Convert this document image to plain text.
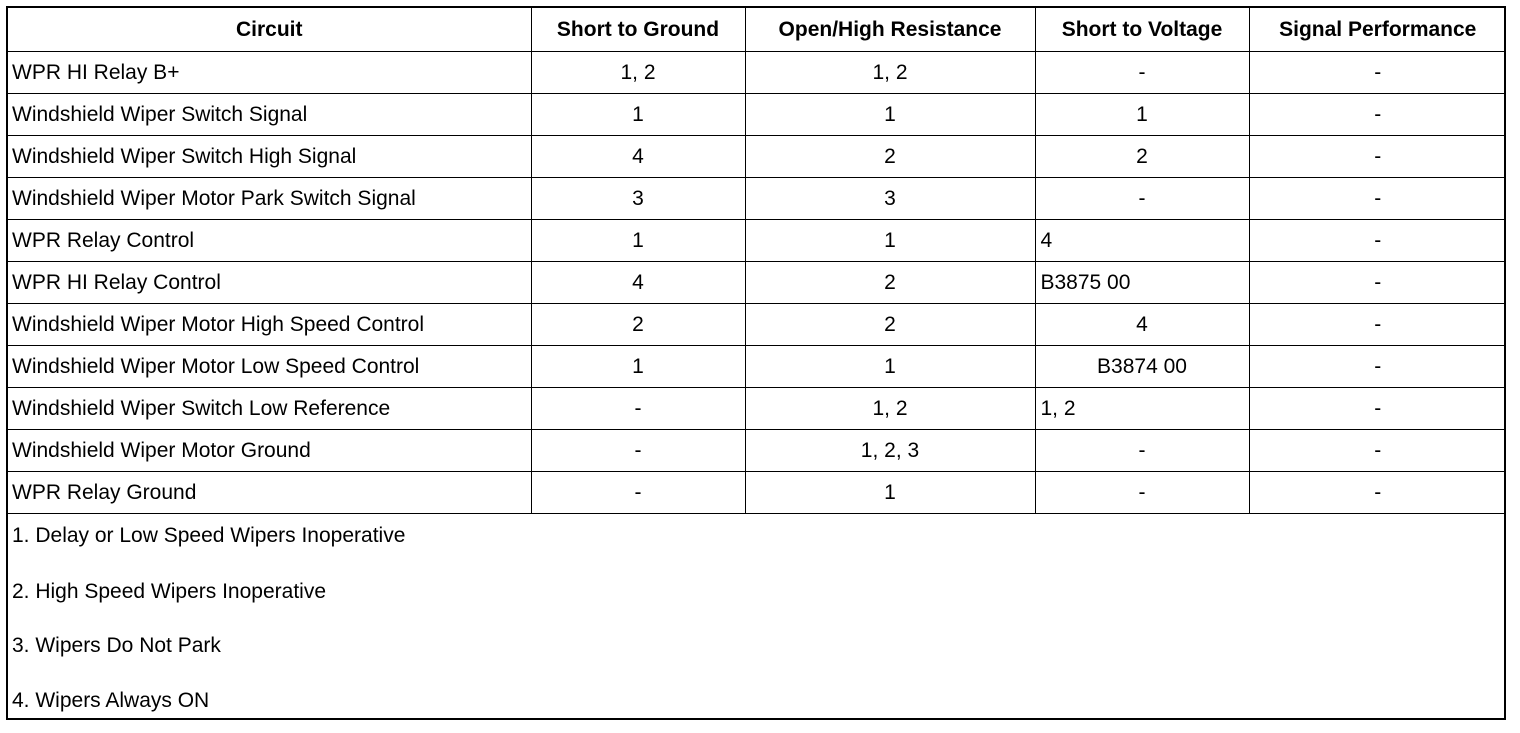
Circuit	Short to Ground	Open/High Resistance	Short to Voltage	Signal Performance
WPR HI Relay B+	1, 2	1, 2	-	-
Windshield Wiper Switch Signal	1	1	1	-
Windshield Wiper Switch High Signal	4	2	2	-
Windshield Wiper Motor Park Switch Signal	3	3	-	-
WPR Relay Control	1	1	4	-
WPR HI Relay Control	4	2	B3875 00	-
Windshield Wiper Motor High Speed Control	2	2	4	-
Windshield Wiper Motor Low Speed Control	1	1	B3874 00	-
Windshield Wiper Switch Low Reference	-	1, 2	1, 2	-
Windshield Wiper Motor Ground	-	1, 2, 3	-	-
WPR Relay Ground	-	1	-	-
1. Delay or Low Speed Wipers Inoperative
2. High Speed Wipers Inoperative
3. Wipers Do Not Park
4. Wipers Always ON
